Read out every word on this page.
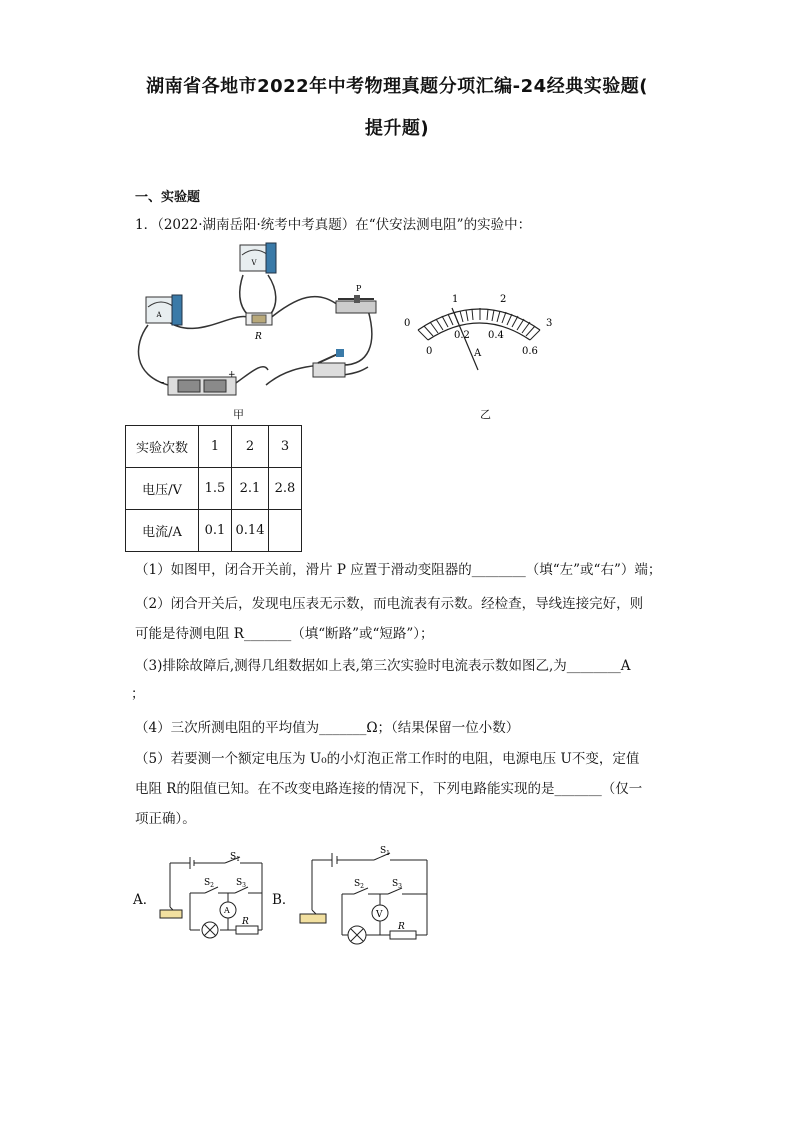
湖南省各地市2022年中考物理真题分项汇编-24经典实验题(
提升题)
一、实验题
1．（2022·湖南岳阳·统考中考真题）在“伏安法测电阻”的实验中：
A
V
R
P
–
+
甲
0
1	2
3
0
0.2 0.4
0.6
A
乙
实验次数	1	2	3
电压/V	1.5	2.1	2.8
电流/A	0.1	0.14	
（1）如图甲，闭合开关前，滑片 P 应置于滑动变阻器的________（填“左”或“右”）端；
（2）闭合开关后，发现电压表无示数，而电流表有示数。经检查，导线连接完好，则
可能是待测电阻 R_______（填“断路”或“短路”）；
（3)排除故障后,测得几组数据如上表,第三次实验时电流表示数如图乙,为________A
；
（4）三次所测电阻的平均值为_______Ω；（结果保留一位小数）
（5）若要测一个额定电压为 U₀的小灯泡正常工作时的电阻，电源电压 U不变，定值
电阻 R的阻值已知。在不改变电路连接的情况下，下列电路能实现的是_______（仅一
项正确）。
A．
A
$S_1$
$S_2$ $S_3$
R
B．
V
$S_1$
$S_2$	$S_3$
R
